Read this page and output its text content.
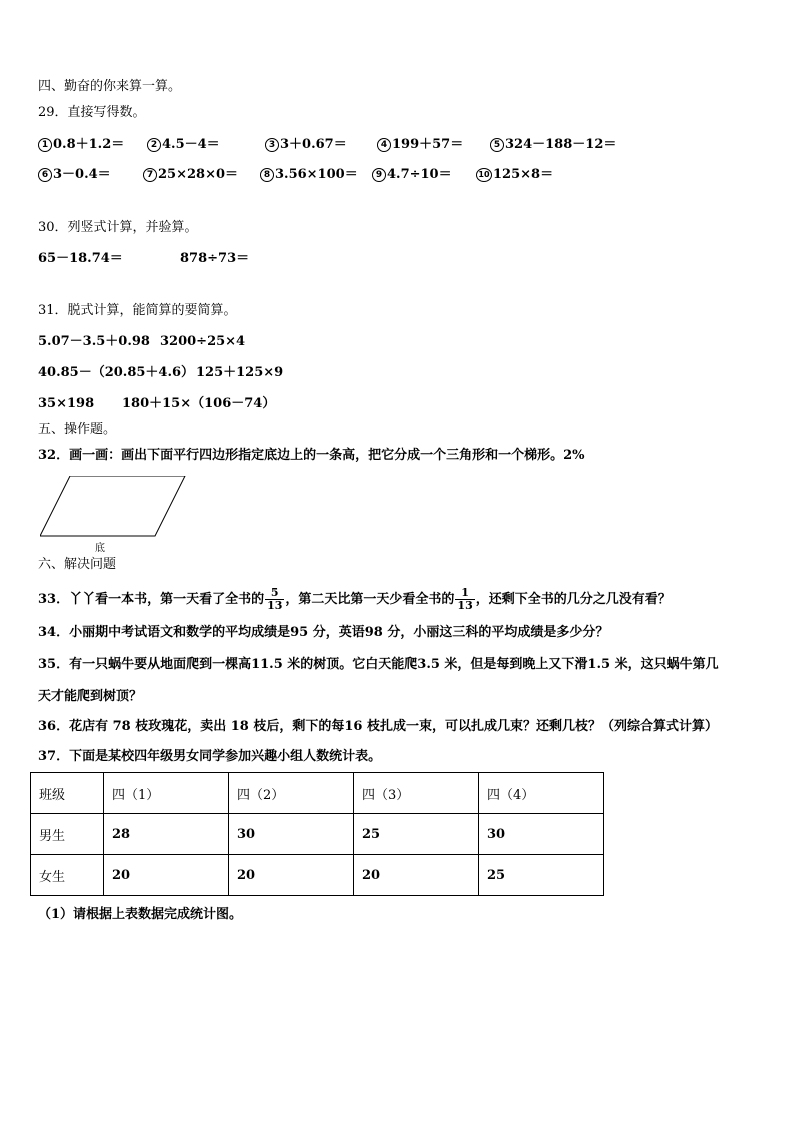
四、勤奋的你来算一算。
29．直接写得数。
1 0.8＋1.2＝	2 4.5－4＝	3 3＋0.67＝	4 199＋57＝	5 324－188－12＝
6 3－0.4＝	7 25×28×0＝	8 3.56×100＝	9 4.7÷10＝	10 125×8＝
30．列竖式计算，并验算。
65－18.74＝	878÷73＝
31．脱式计算，能简算的要简算。
5.07－3.5＋0.98 3200÷25×4
40.85－（20.85＋4.6） 125＋125×9
35×198 180＋15×（106－74）
五、操作题。
32．画一画：画出下面平行四边形指定底边上的一条高，把它分成一个三角形和一个梯形。2%
底
六、解决问题
33．丫丫看一本书，第一天看了全书的 $\frac{5}{13}$ ，第二天比第一天少看全书的 $\frac{1}{13}$ ，还剩下全书的几分之几没有看？
34．小丽期中考试语文和数学的平均成绩是95 分，英语98 分，小丽这三科的平均成绩是多少分？
35．有一只蜗牛要从地面爬到一棵高11.5 米的树顶。它白天能爬3.5 米，但是每到晚上又下滑1.5 米，这只蜗牛第几
天才能爬到树顶？
36．花店有 78 枝玫瑰花，卖出 18 枝后，剩下的每16 枝扎成一束，可以扎成几束？还剩几枝？（列综合算式计算）
37．下面是某校四年级男女同学参加兴趣小组人数统计表。
班级	四（1）	四（2）	四（3）	四（4）
男生	28	30	25	30
女生	20	20	20	25
（1）请根据上表数据完成统计图。
